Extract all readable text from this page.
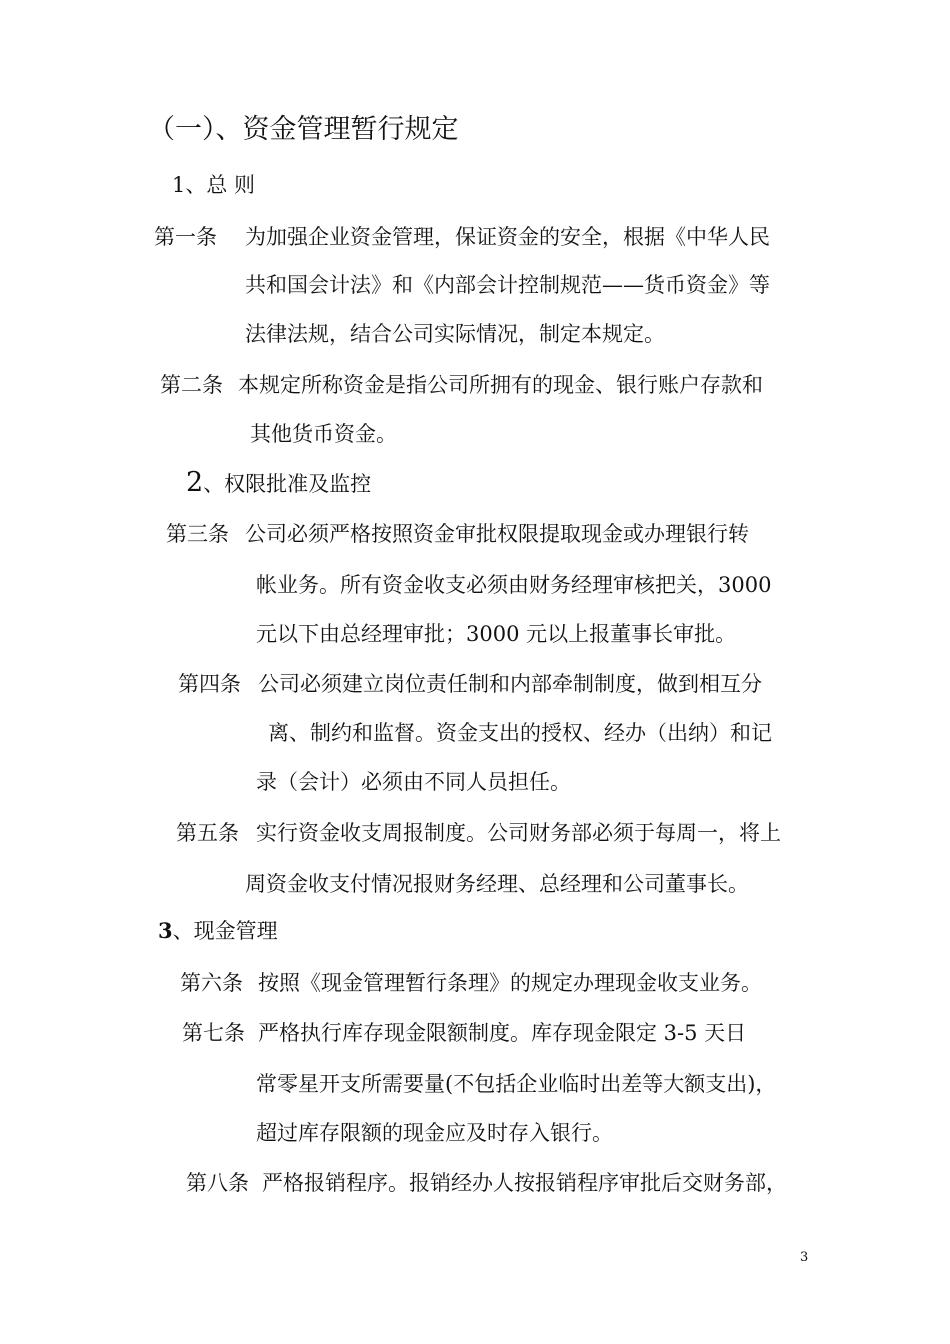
（一）、资金管理暂行规定
1、总 则
第一条 为加强企业资金管理，保证资金的安全，根据《中华人民
共和国会计法》和《内部会计控制规范——货币资金》等
法律法规，结合公司实际情况，制定本规定。
第二条 本规定所称资金是指公司所拥有的现金、银行账户存款和
其他货币资金。
2、权限批准及监控
第三条 公司必须严格按照资金审批权限提取现金或办理银行转
帐业务。所有资金收支必须由财务经理审核把关，3000
元以下由总经理审批；3000 元以上报董事长审批。
第四条 公司必须建立岗位责任制和内部牵制制度，做到相互分
离、制约和监督。资金支出的授权、经办（出纳）和记
录（会计）必须由不同人员担任。
第五条 实行资金收支周报制度。公司财务部必须于每周一，将上
周资金收支付情况报财务经理、总经理和公司董事长。
3、现金管理
第六条 按照《现金管理暂行条理》的规定办理现金收支业务。
第七条 严格执行库存现金限额制度。库存现金限定 3-5 天日
常零星开支所需要量(不包括企业临时出差等大额支出)，
超过库存限额的现金应及时存入银行。
第八条 严格报销程序。报销经办人按报销程序审批后交财务部，
3
